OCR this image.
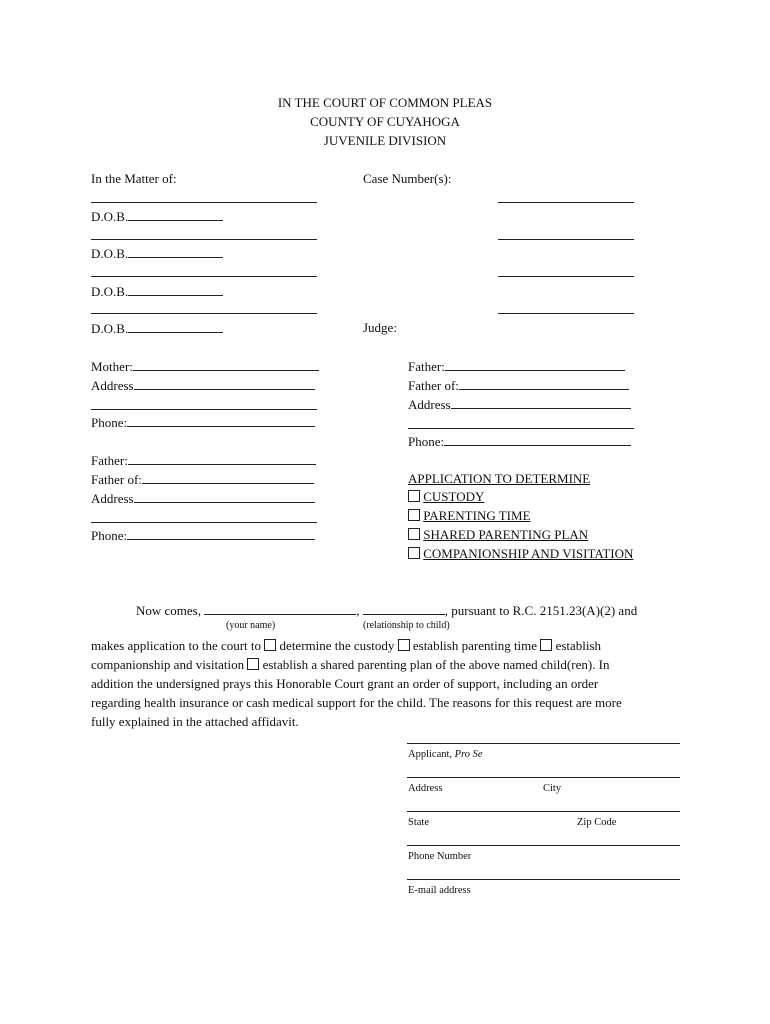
IN THE COURT OF COMMON PLEAS
COUNTY OF CUYAHOGA
JUVENILE DIVISION
In the Matter of:	Case Number(s):
D.O.B.
D.O.B.
D.O.B.
D.O.B.	Judge:
Mother:
Address
Phone:
Father:
Father of:
Address
Phone:
Father:
Father of:
Address
Phone:
APPLICATION TO DETERMINE
CUSTODY
PARENTING TIME
SHARED PARENTING PLAN
COMPANIONSHIP AND VISITATION
Now comes,	,	, pursuant to R.C. 2151.23(A)(2) and
(your name)	(relationship to child)
makes application to the court to determine the custody establish parenting time establish
companionship and visitation establish a shared parenting plan of the above named child(ren). In
addition the undersigned prays this Honorable Court grant an order of support, including an order
regarding health insurance or cash medical support for the child. The reasons for this request are more
fully explained in the attached affidavit.
Applicant, Pro Se
Address	City
State	Zip Code
Phone Number
E-mail address
